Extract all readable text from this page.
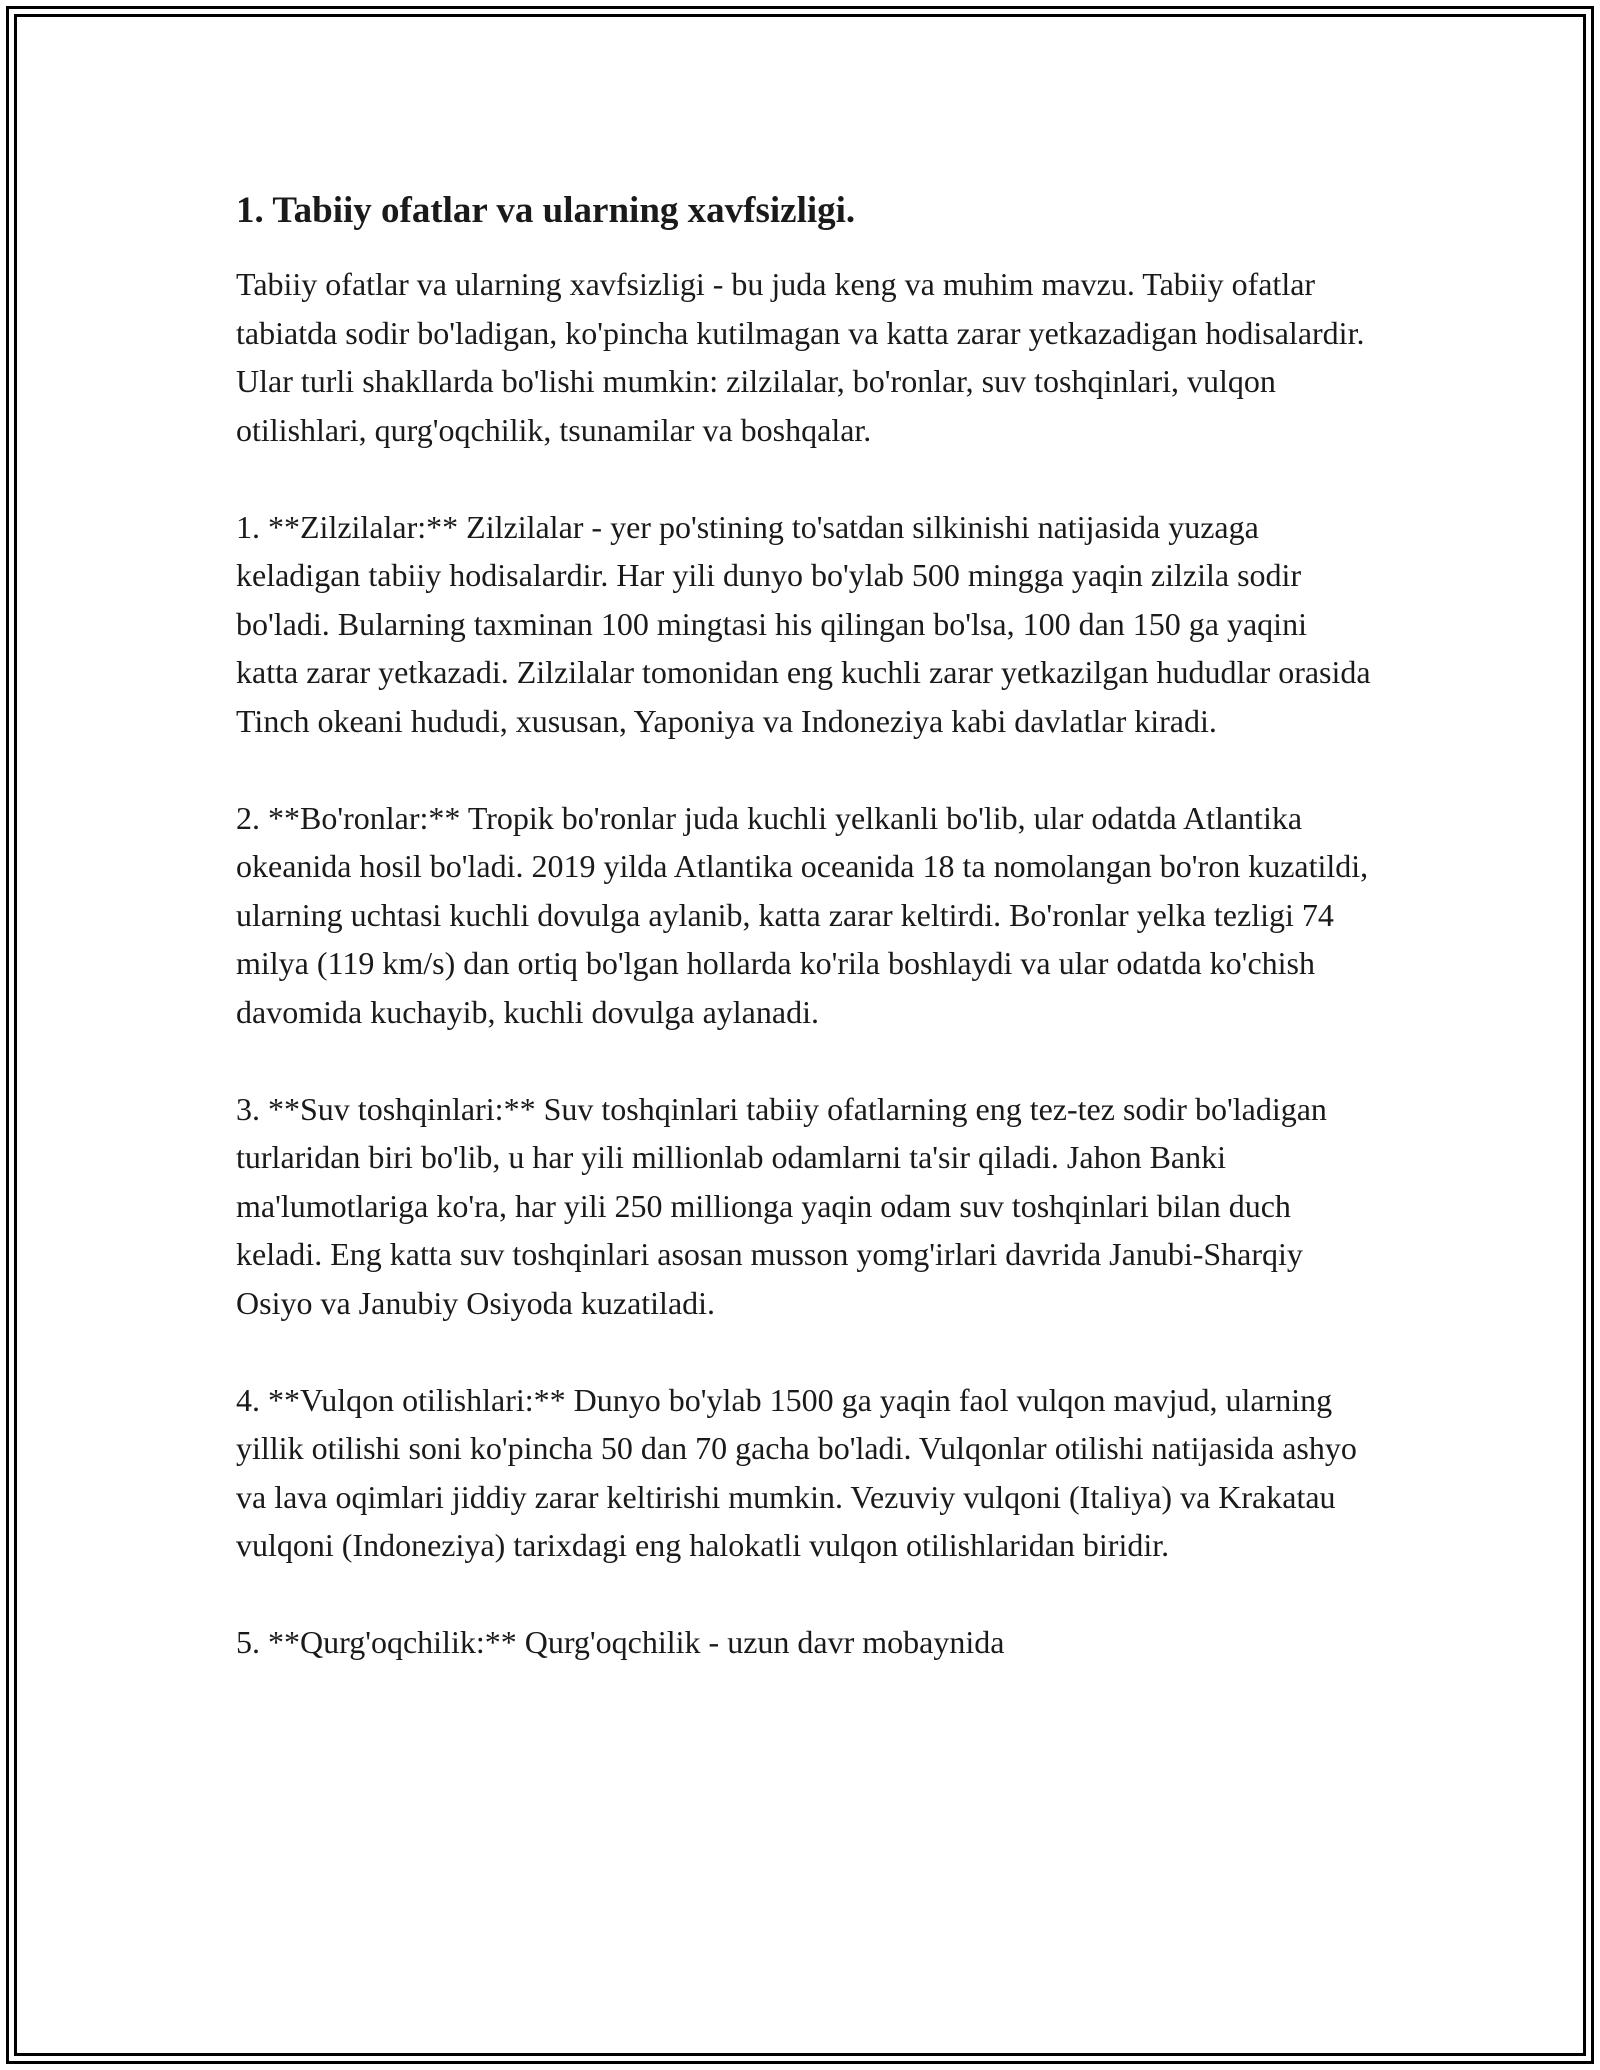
1. Tabiiy ofatlar va ularning xavfsizligi.

Tabiiy ofatlar va ularning xavfsizligi - bu juda keng va muhim mavzu. Tabiiy ofatlar tabiatda sodir bo'ladigan, ko'pincha kutilmagan va katta zarar yetkazadigan hodisalardir. Ular turli shakllarda bo'lishi mumkin: zilzilalar, bo'ronlar, suv toshqinlari, vulqon otilishlari, qurg'oqchilik, tsunamilar va boshqalar.

1. **Zilzilalar:** Zilzilalar - yer po'stining to'satdan silkinishi natijasida yuzaga keladigan tabiiy hodisalardir. Har yili dunyo bo'ylab 500 mingga yaqin zilzila sodir bo'ladi. Bularning taxminan 100 mingtasi his qilingan bo'lsa, 100 dan 150 ga yaqini katta zarar yetkazadi. Zilzilalar tomonidan eng kuchli zarar yetkazilgan hududlar orasida Tinch okeani hududi, xususan, Yaponiya va Indoneziya kabi davlatlar kiradi.

2. **Bo'ronlar:** Tropik bo'ronlar juda kuchli yelkanli bo'lib, ular odatda Atlantika okeanida hosil bo'ladi. 2019 yilda Atlantika oceanida 18 ta nomolangan bo'ron kuzatildi, ularning uchtasi kuchli dovulga aylanib, katta zarar keltirdi. Bo'ronlar yelka tezligi 74 milya (119 km/s) dan ortiq bo'lgan hollarda ko'rila boshlaydi va ular odatda ko'chish davomida kuchayib, kuchli dovulga aylanadi.

3. **Suv toshqinlari:** Suv toshqinlari tabiiy ofatlarning eng tez-tez sodir bo'ladigan turlaridan biri bo'lib, u har yili millionlab odamlarni ta'sir qiladi. Jahon Banki ma'lumotlariga ko'ra, har yili 250 millionga yaqin odam suv toshqinlari bilan duch keladi. Eng katta suv toshqinlari asosan musson yomg'irlari davrida Janubi-Sharqiy Osiyo va Janubiy Osiyoda kuzatiladi.

4. **Vulqon otilishlari:** Dunyo bo'ylab 1500 ga yaqin faol vulqon mavjud, ularning yillik otilishi soni ko'pincha 50 dan 70 gacha bo'ladi. Vulqonlar otilishi natijasida ashyo va lava oqimlari jiddiy zarar keltirishi mumkin. Vezuviy vulqoni (Italiya) va Krakatau vulqoni (Indoneziya) tarixdagi eng halokatli vulqon otilishlaridan biridir.

5. **Qurg'oqchilik:** Qurg'oqchilik - uzun davr mobaynida
